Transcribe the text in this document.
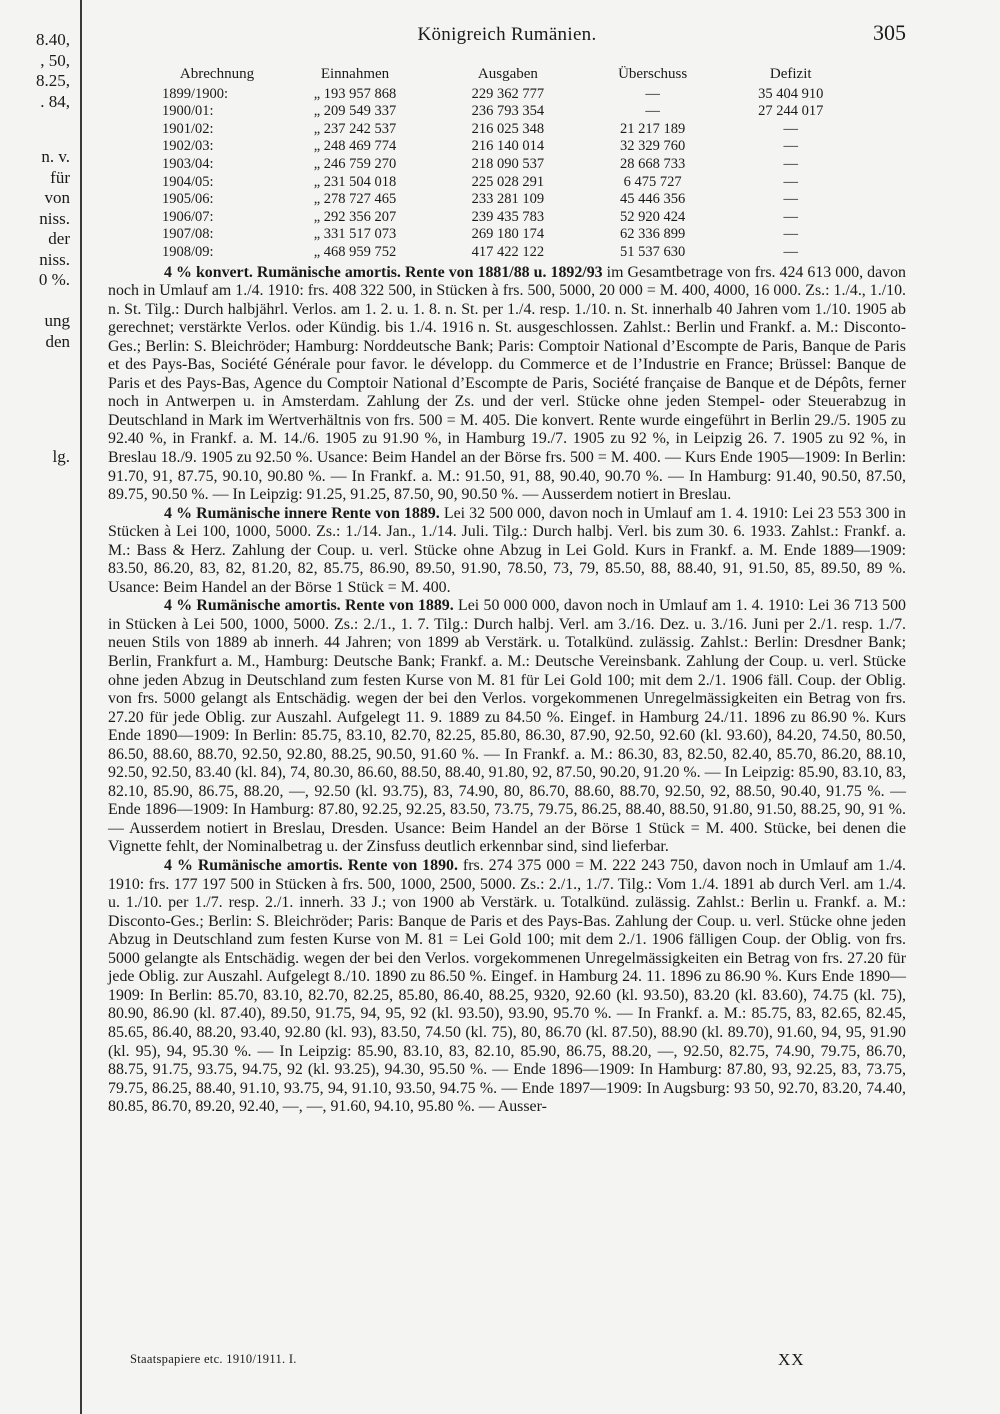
8.40,
, 50,
8.25,
. 84,
n. v.
für
von
niss.
der
niss.
0 %.
ung
den
lg.
Königreich Rumänien.	305
Abrechnung	Einnahmen	Ausgaben	Überschuss	Defizit
1899/1900:	„ 193 957 868	229 362 777	—	35 404 910
1900/01:	„ 209 549 337	236 793 354	—	27 244 017
1901/02:	„ 237 242 537	216 025 348	21 217 189	—
1902/03:	„ 248 469 774	216 140 014	32 329 760	—
1903/04:	„ 246 759 270	218 090 537	28 668 733	—
1904/05:	„ 231 504 018	225 028 291	6 475 727	—
1905/06:	„ 278 727 465	233 281 109	45 446 356	—
1906/07:	„ 292 356 207	239 435 783	52 920 424	—
1907/08:	„ 331 517 073	269 180 174	62 336 899	—
1908/09:	„ 468 959 752	417 422 122	51 537 630	—

4 % konvert. Rumänische amortis. Rente von 1881/88 u. 1892/93 im Gesamtbetrage von frs. 424 613 000, davon noch in Umlauf am 1./4. 1910: frs. 408 322 500, in Stücken à frs. 500, 5000, 20 000 = M. 400, 4000, 16 000. Zs.: 1./4., 1./10. n. St. Tilg.: Durch halbjährl. Verlos. am 1. 2. u. 1. 8. n. St. per 1./4. resp. 1./10. n. St. innerhalb 40 Jahren vom 1./10. 1905 ab gerechnet; verstärkte Verlos. oder Kündig. bis 1./4. 1916 n. St. ausgeschlossen. Zahlst.: Berlin und Frankf. a. M.: Disconto-Ges.; Berlin: S. Bleichröder; Hamburg: Norddeutsche Bank; Paris: Comptoir National d’Escompte de Paris, Banque de Paris et des Pays-Bas, Société Générale pour favor. le développ. du Commerce et de l’Industrie en France; Brüssel: Banque de Paris et des Pays-Bas, Agence du Comptoir National d’Escompte de Paris, Société française de Banque et de Dépôts, ferner noch in Antwerpen u. in Amsterdam. Zahlung der Zs. und der verl. Stücke ohne jeden Stempel- oder Steuerabzug in Deutschland in Mark im Wertverhältnis von frs. 500 = M. 405. Die konvert. Rente wurde eingeführt in Berlin 29./5. 1905 zu 92.40 %, in Frankf. a. M. 14./6. 1905 zu 91.90 %, in Hamburg 19./7. 1905 zu 92 %, in Leipzig 26. 7. 1905 zu 92 %, in Breslau 18./9. 1905 zu 92.50 %. Usance: Beim Handel an der Börse frs. 500 = M. 400. — Kurs Ende 1905—1909: In Berlin: 91.70, 91, 87.75, 90.10, 90.80 %. — In Frankf. a. M.: 91.50, 91, 88, 90.40, 90.70 %. — In Hamburg: 91.40, 90.50, 87.50, 89.75, 90.50 %. — In Leipzig: 91.25, 91.25, 87.50, 90, 90.50 %. — Ausserdem notiert in Breslau.

4 % Rumänische innere Rente von 1889. Lei 32 500 000, davon noch in Umlauf am 1. 4. 1910: Lei 23 553 300 in Stücken à Lei 100, 1000, 5000. Zs.: 1./14. Jan., 1./14. Juli. Tilg.: Durch halbj. Verl. bis zum 30. 6. 1933. Zahlst.: Frankf. a. M.: Bass & Herz. Zahlung der Coup. u. verl. Stücke ohne Abzug in Lei Gold. Kurs in Frankf. a. M. Ende 1889—1909: 83.50, 86.20, 83, 82, 81.20, 82, 85.75, 86.90, 89.50, 91.90, 78.50, 73, 79, 85.50, 88, 88.40, 91, 91.50, 85, 89.50, 89 %. Usance: Beim Handel an der Börse 1 Stück = M. 400.

4 % Rumänische amortis. Rente von 1889. Lei 50 000 000, davon noch in Umlauf am 1. 4. 1910: Lei 36 713 500 in Stücken à Lei 500, 1000, 5000. Zs.: 2./1., 1. 7. Tilg.: Durch halbj. Verl. am 3./16. Dez. u. 3./16. Juni per 2./1. resp. 1./7. neuen Stils von 1889 ab innerh. 44 Jahren; von 1899 ab Verstärk. u. Totalkünd. zulässig. Zahlst.: Berlin: Dresdner Bank; Berlin, Frankfurt a. M., Hamburg: Deutsche Bank; Frankf. a. M.: Deutsche Vereinsbank. Zahlung der Coup. u. verl. Stücke ohne jeden Abzug in Deutschland zum festen Kurse von M. 81 für Lei Gold 100; mit dem 2./1. 1906 fäll. Coup. der Oblig. von frs. 5000 gelangt als Entschädig. wegen der bei den Verlos. vorgekommenen Unregelmässigkeiten ein Betrag von frs. 27.20 für jede Oblig. zur Auszahl. Aufgelegt 11. 9. 1889 zu 84.50 %. Eingef. in Hamburg 24./11. 1896 zu 86.90 %. Kurs Ende 1890—1909: In Berlin: 85.75, 83.10, 82.70, 82.25, 85.80, 86.30, 87.90, 92.50, 92.60 (kl. 93.60), 84.20, 74.50, 80.50, 86.50, 88.60, 88.70, 92.50, 92.80, 88.25, 90.50, 91.60 %. — In Frankf. a. M.: 86.30, 83, 82.50, 82.40, 85.70, 86.20, 88.10, 92.50, 92.50, 83.40 (kl. 84), 74, 80.30, 86.60, 88.50, 88.40, 91.80, 92, 87.50, 90.20, 91.20 %. — In Leipzig: 85.90, 83.10, 83, 82.10, 85.90, 86.75, 88.20, —, 92.50 (kl. 93.75), 83, 74.90, 80, 86.70, 88.60, 88.70, 92.50, 92, 88.50, 90.40, 91.75 %. — Ende 1896—1909: In Hamburg: 87.80, 92.25, 92.25, 83.50, 73.75, 79.75, 86.25, 88.40, 88.50, 91.80, 91.50, 88.25, 90, 91 %. — Ausserdem notiert in Breslau, Dresden. Usance: Beim Handel an der Börse 1 Stück = M. 400. Stücke, bei denen die Vignette fehlt, der Nominalbetrag u. der Zinsfuss deutlich erkennbar sind, sind lieferbar.

4 % Rumänische amortis. Rente von 1890. frs. 274 375 000 = M. 222 243 750, davon noch in Umlauf am 1./4. 1910: frs. 177 197 500 in Stücken à frs. 500, 1000, 2500, 5000. Zs.: 2./1., 1./7. Tilg.: Vom 1./4. 1891 ab durch Verl. am 1./4. u. 1./10. per 1./7. resp. 2./1. innerh. 33 J.; von 1900 ab Verstärk. u. Totalkünd. zulässig. Zahlst.: Berlin u. Frankf. a. M.: Disconto-Ges.; Berlin: S. Bleichröder; Paris: Banque de Paris et des Pays-Bas. Zahlung der Coup. u. verl. Stücke ohne jeden Abzug in Deutschland zum festen Kurse von M. 81 = Lei Gold 100; mit dem 2./1. 1906 fälligen Coup. der Oblig. von frs. 5000 gelangte als Entschädig. wegen der bei den Verlos. vorgekommenen Unregelmässigkeiten ein Betrag von frs. 27.20 für jede Oblig. zur Auszahl. Aufgelegt 8./10. 1890 zu 86.50 %. Eingef. in Hamburg 24. 11. 1896 zu 86.90 %. Kurs Ende 1890—1909: In Berlin: 85.70, 83.10, 82.70, 82.25, 85.80, 86.40, 88.25, 9320, 92.60 (kl. 93.50), 83.20 (kl. 83.60), 74.75 (kl. 75), 80.90, 86.90 (kl. 87.40), 89.50, 91.75, 94, 95, 92 (kl. 93.50), 93.90, 95.70 %. — In Frankf. a. M.: 85.75, 83, 82.65, 82.45, 85.65, 86.40, 88.20, 93.40, 92.80 (kl. 93), 83.50, 74.50 (kl. 75), 80, 86.70 (kl. 87.50), 88.90 (kl. 89.70), 91.60, 94, 95, 91.90 (kl. 95), 94, 95.30 %. — In Leipzig: 85.90, 83.10, 83, 82.10, 85.90, 86.75, 88.20, —, 92.50, 82.75, 74.90, 79.75, 86.70, 88.75, 91.75, 93.75, 94.75, 92 (kl. 93.25), 94.30, 95.50 %. — Ende 1896—1909: In Hamburg: 87.80, 93, 92.25, 83, 73.75, 79.75, 86.25, 88.40, 91.10, 93.75, 94, 91.10, 93.50, 94.75 %. — Ende 1897—1909: In Augsburg: 93 50, 92.70, 83.20, 74.40, 80.85, 86.70, 89.20, 92.40, —, —, 91.60, 94.10, 95.80 %. — Ausser-

Staatspapiere etc. 1910/1911. I.	XX
